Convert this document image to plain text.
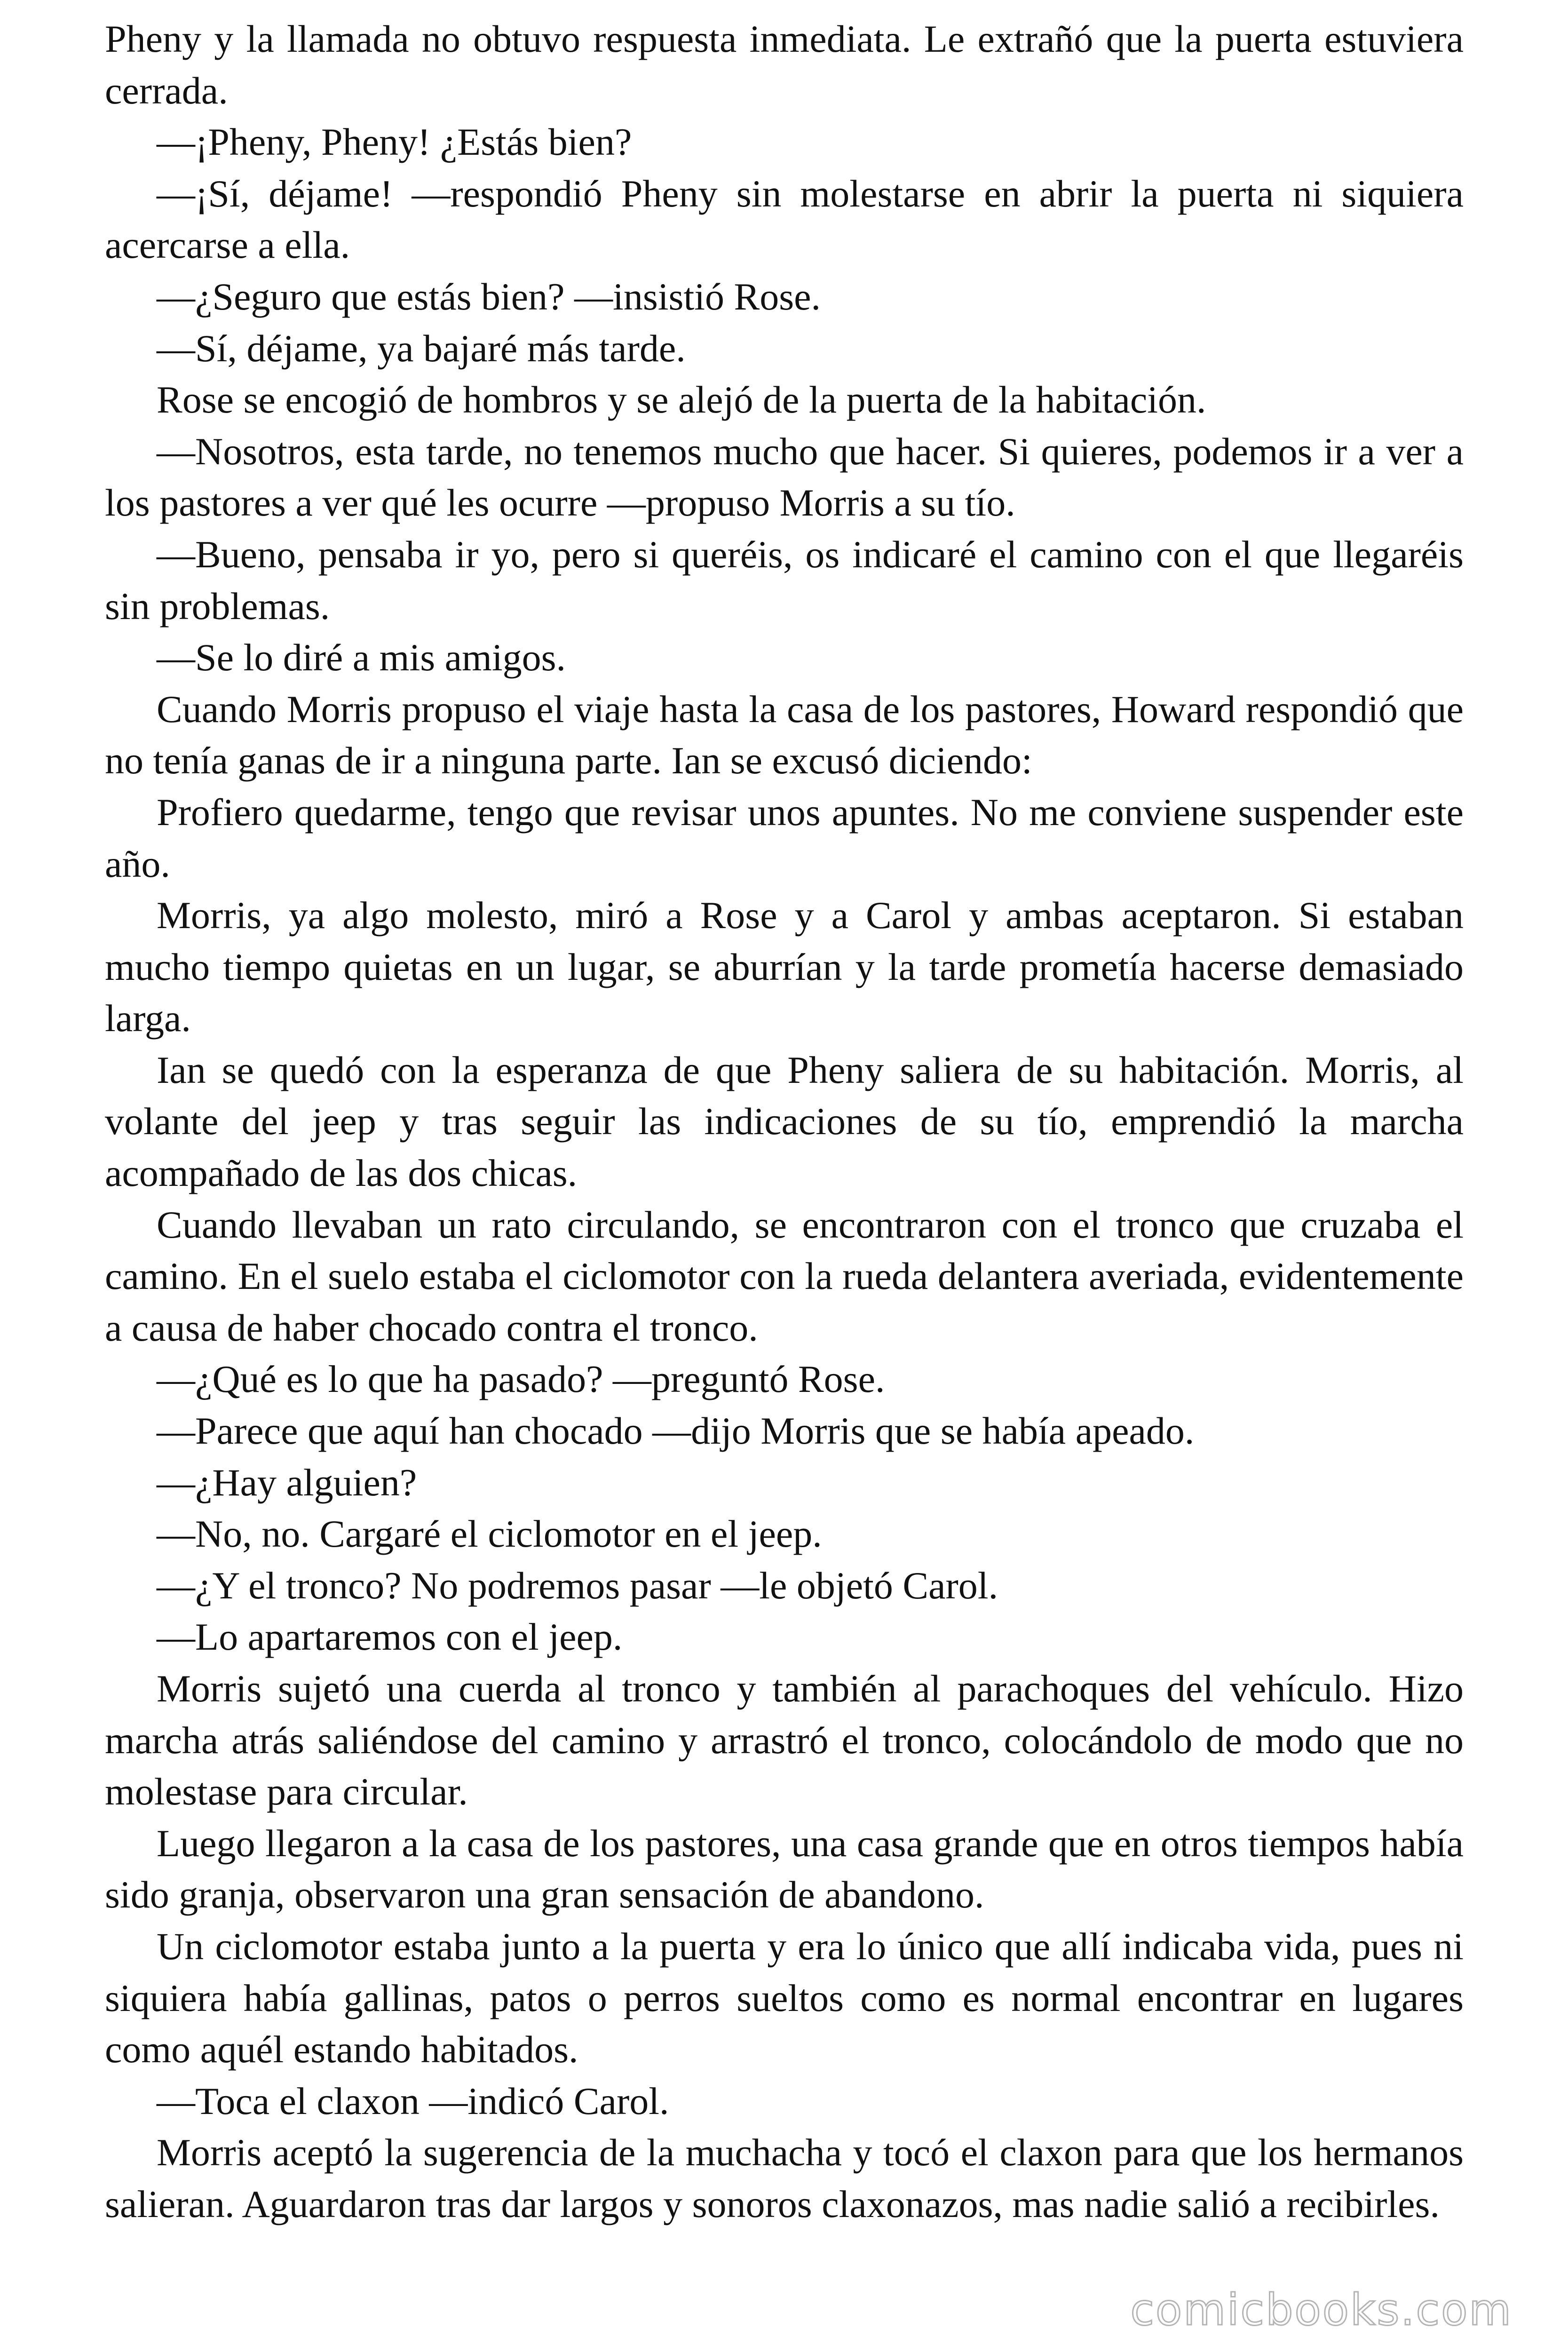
Pheny y la llamada no obtuvo respuesta inmediata. Le extrañó que la puerta estuviera cerrada.

—¡Pheny, Pheny! ¿Estás bien?

—¡Sí, déjame! —respondió Pheny sin molestarse en abrir la puerta ni siquiera acercarse a ella.

—¿Seguro que estás bien? —insistió Rose.

—Sí, déjame, ya bajaré más tarde.

Rose se encogió de hombros y se alejó de la puerta de la habitación.

—Nosotros, esta tarde, no tenemos mucho que hacer. Si quieres, podemos ir a ver a los pastores a ver qué les ocurre —propuso Morris a su tío.

—Bueno, pensaba ir yo, pero si queréis, os indicaré el camino con el que llegaréis sin problemas.

—Se lo diré a mis amigos.

Cuando Morris propuso el viaje hasta la casa de los pastores, Howard respondió que no tenía ganas de ir a ninguna parte. Ian se excusó diciendo:

Profiero quedarme, tengo que revisar unos apuntes. No me conviene suspender este año.

Morris, ya algo molesto, miró a Rose y a Carol y ambas aceptaron. Si estaban mucho tiempo quietas en un lugar, se aburrían y la tarde prometía hacerse demasiado larga.

Ian se quedó con la esperanza de que Pheny saliera de su habitación. Morris, al volante del jeep y tras seguir las indicaciones de su tío, emprendió la marcha acompañado de las dos chicas.

Cuando llevaban un rato circulando, se encontraron con el tronco que cruzaba el camino. En el suelo estaba el ciclomotor con la rueda delantera averiada, evidentemente a causa de haber chocado contra el tronco.

—¿Qué es lo que ha pasado? —preguntó Rose.

—Parece que aquí han chocado —dijo Morris que se había apeado.

—¿Hay alguien?

—No, no. Cargaré el ciclomotor en el jeep.

—¿Y el tronco? No podremos pasar —le objetó Carol.

—Lo apartaremos con el jeep.

Morris sujetó una cuerda al tronco y también al parachoques del vehículo. Hizo marcha atrás saliéndose del camino y arrastró el tronco, colocándolo de modo que no molestase para circular.

Luego llegaron a la casa de los pastores, una casa grande que en otros tiempos había sido granja, observaron una gran sensación de abandono.

Un ciclomotor estaba junto a la puerta y era lo único que allí indicaba vida, pues ni siquiera había gallinas, patos o perros sueltos como es normal encontrar en lugares como aquél estando habitados.

—Toca el claxon —indicó Carol.

Morris aceptó la sugerencia de la muchacha y tocó el claxon para que los hermanos salieran. Aguardaron tras dar largos y sonoros claxonazos, mas nadie salió a recibirles.

comicbooks.com
